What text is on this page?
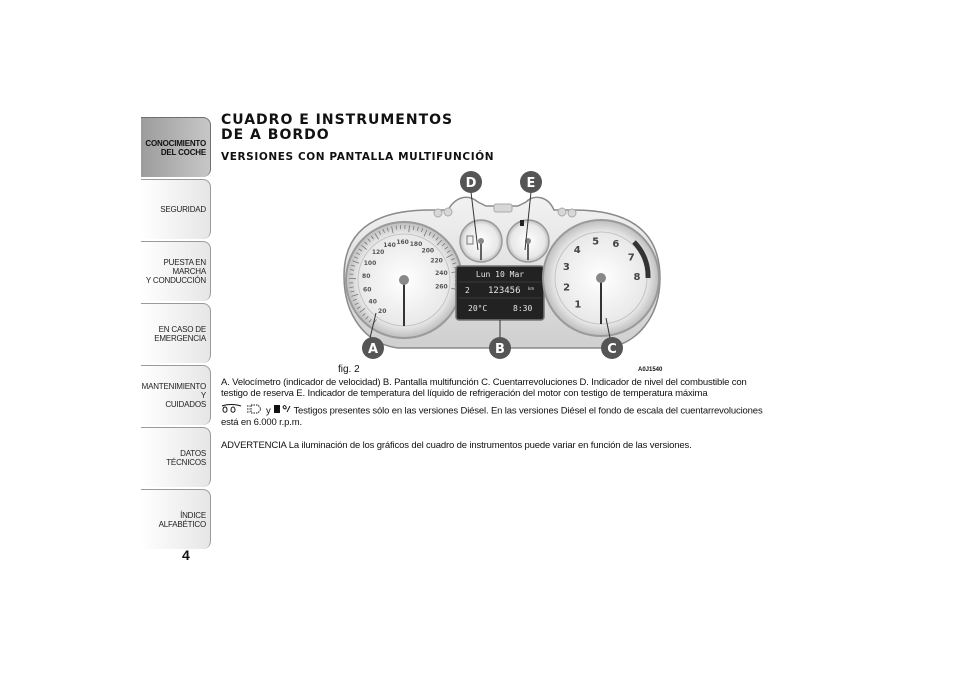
CONOCIMIENTO
DEL COCHE
SEGURIDAD
PUESTA EN MARCHA
Y CONDUCCIÓN
EN CASO DE
EMERGENCIA
MANTENIMIENTO Y
CUIDADOS
DATOS TÉCNICOS
ÍNDICE ALFABÉTICO
4
CUADRO E INSTRUMENTOS
DE A BORDO
VERSIONES CON PANTALLA MULTIFUNCIÓN
20
40
60
80
100
120
140 160 180
200
220
240
260
Lun 10 Mar
2 123456 km
20°C	8:30	1
2
3
4
5 6
7
8
D	E
A	B	C
fig. 2	A0J1540
A. Velocímetro (indicador de velocidad) B. Pantalla multifunción C. Cuentarrevoluciones D. Indicador de nivel del combustible con testigo de reserva E. Indicador de temperatura del líquido de refrigeración del motor con testigo de temperatura máxima
y Testigos presentes sólo en las versiones Diésel. En las versiones Diésel el fondo de escala del cuentarrevoluciones está en 6.000 r.p.m.
ADVERTENCIA La iluminación de los gráficos del cuadro de instrumentos puede variar en función de las versiones.
